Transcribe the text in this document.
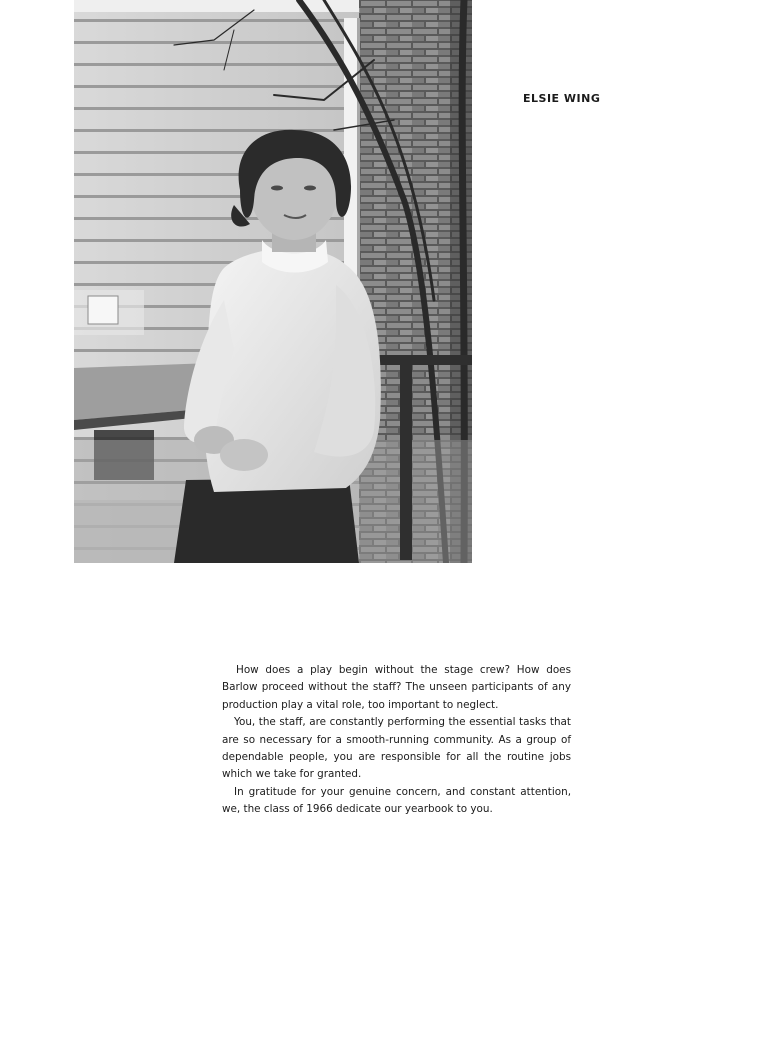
ELSIE WING

How does a play begin without the stage crew? How does Barlow proceed without the staff? The unseen participants of any production play a vital role, too important to neglect.

You, the staff, are constantly performing the essential tasks that are so necessary for a smooth-running community. As a group of dependable people, you are responsible for all the routine jobs which we take for granted.

In gratitude for your genuine concern, and constant attention, we, the class of 1966 dedicate our yearbook to you.
